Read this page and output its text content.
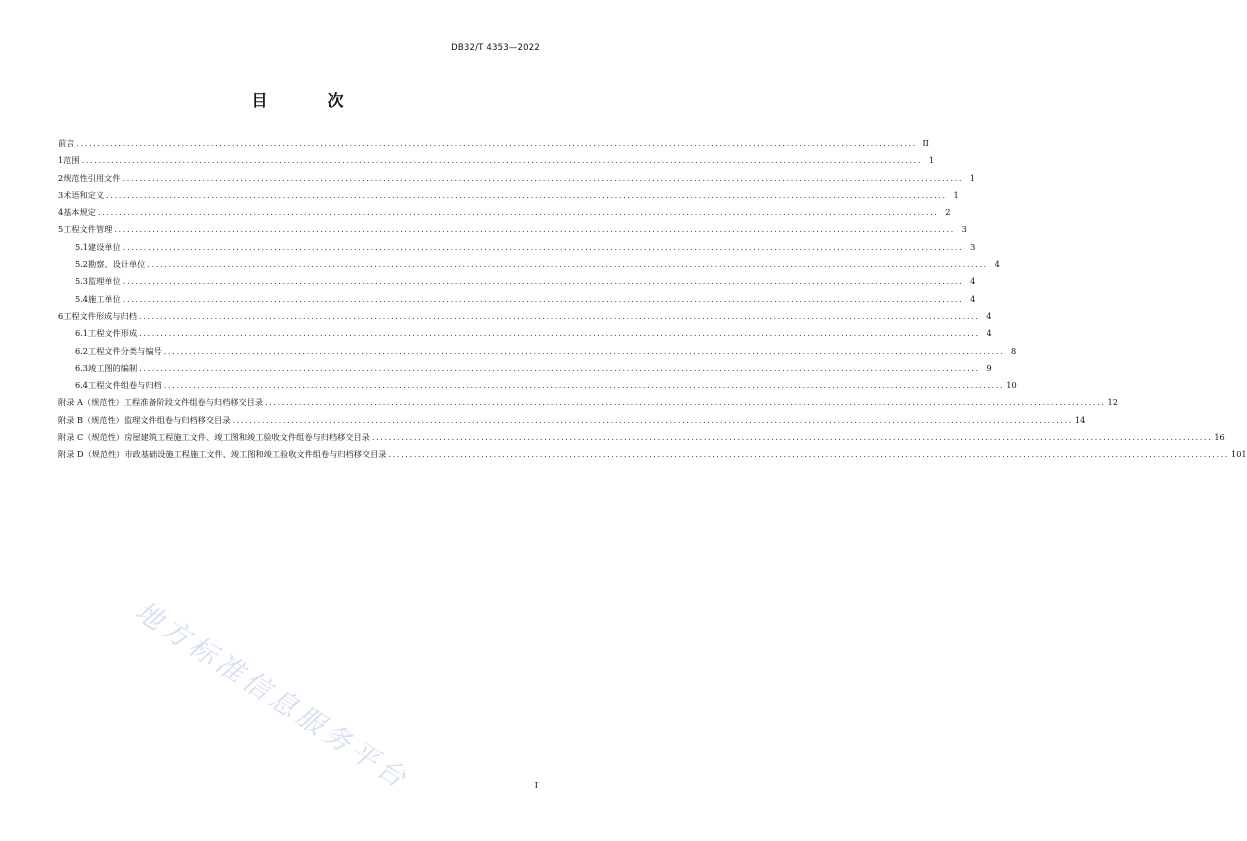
DB32/T 4353—2022
目　次
前言 ........................................................................................................................................................................................................ II
1 范围 ........................................................................................................................................................................................................ 1
2 规范性引用文件 ........................................................................................................................................................................................................ 1
3 术语和定义 ........................................................................................................................................................................................................ 1
4 基本规定 ........................................................................................................................................................................................................ 2
5 工程文件管理 ........................................................................................................................................................................................................ 3
5.1 建设单位 ........................................................................................................................................................................................................ 3
5.2 勘察、设计单位 ........................................................................................................................................................................................................ 4
5.3 监理单位 ........................................................................................................................................................................................................ 4
5.4 施工单位 ........................................................................................................................................................................................................ 4
6 工程文件形成与归档 ........................................................................................................................................................................................................ 4
6.1 工程文件形成 ........................................................................................................................................................................................................ 4
6.2 工程文件分类与编号 ........................................................................................................................................................................................................ 8
6.3 竣工图的编制 ........................................................................................................................................................................................................ 9
6.4 工程文件组卷与归档 ........................................................................................................................................................................................................ 10
附录 A（规范性） 工程准备阶段文件组卷与归档移交目录 ........................................................................................................................................................................................................ 12
附录 B（规范性） 监理文件组卷与归档移交目录 ........................................................................................................................................................................................................ 14
附录 C（规范性） 房屋建筑工程施工文件、竣工图和竣工验收文件组卷与归档移交目录 ........................................................................................................................................................................................................ 16
附录 D（规范性） 市政基础设施工程施工文件、竣工图和竣工验收文件组卷与归档移交目录 ........................................................................................................................................................................................................ 101
地方标准信息服务平台	I
